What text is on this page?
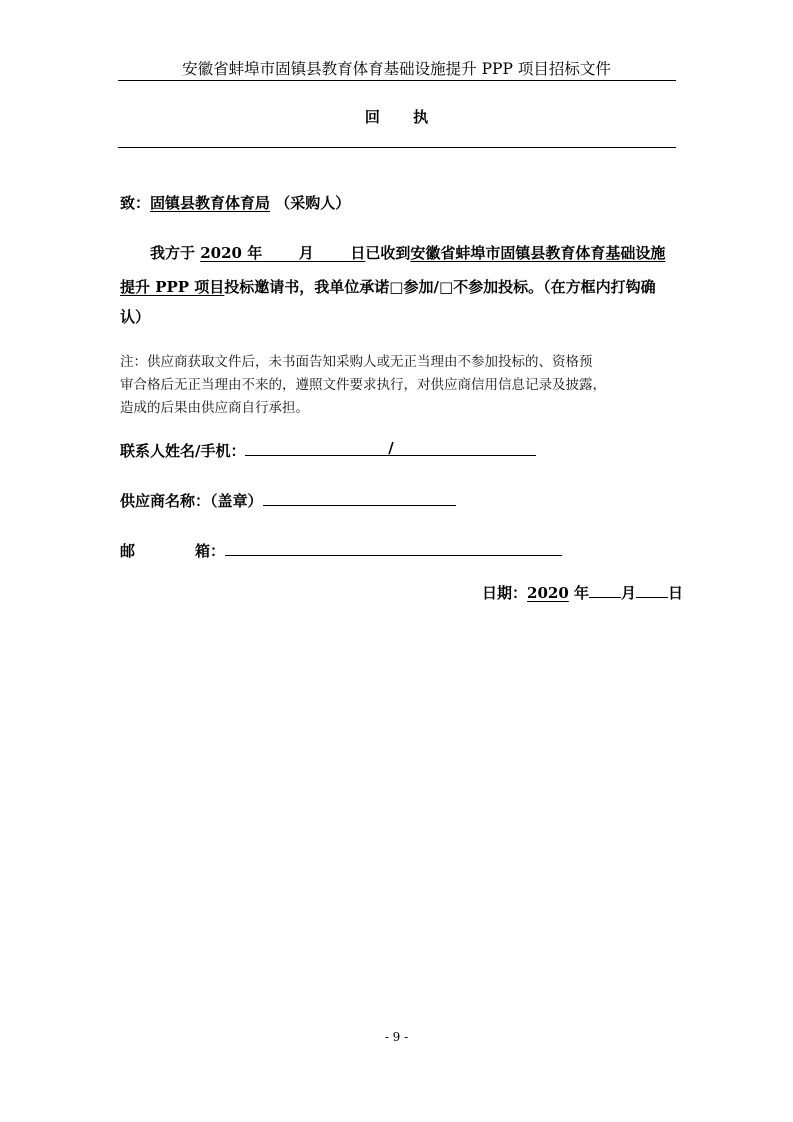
安徽省蚌埠市固镇县教育体育基础设施提升 PPP 项目招标文件
回 执
致：固镇县教育体育局 （采购人）
我方于 2020 年 月 日已收到安徽省蚌埠市固镇县教育体育基础设施
提升 PPP 项目投标邀请书，我单位承诺□参加/□不参加投标。（在方框内打钩确
认）
注：供应商获取文件后，未书面告知采购人或无正当理由不参加投标的、资格预
审合格后无正当理由不来的，遵照文件要求执行，对供应商信用信息记录及披露，
造成的后果由供应商自行承担。
联系人姓名/手机：	/
供应商名称：（盖章）
邮	箱：
日期：2020 年 月 日
- 9 -
